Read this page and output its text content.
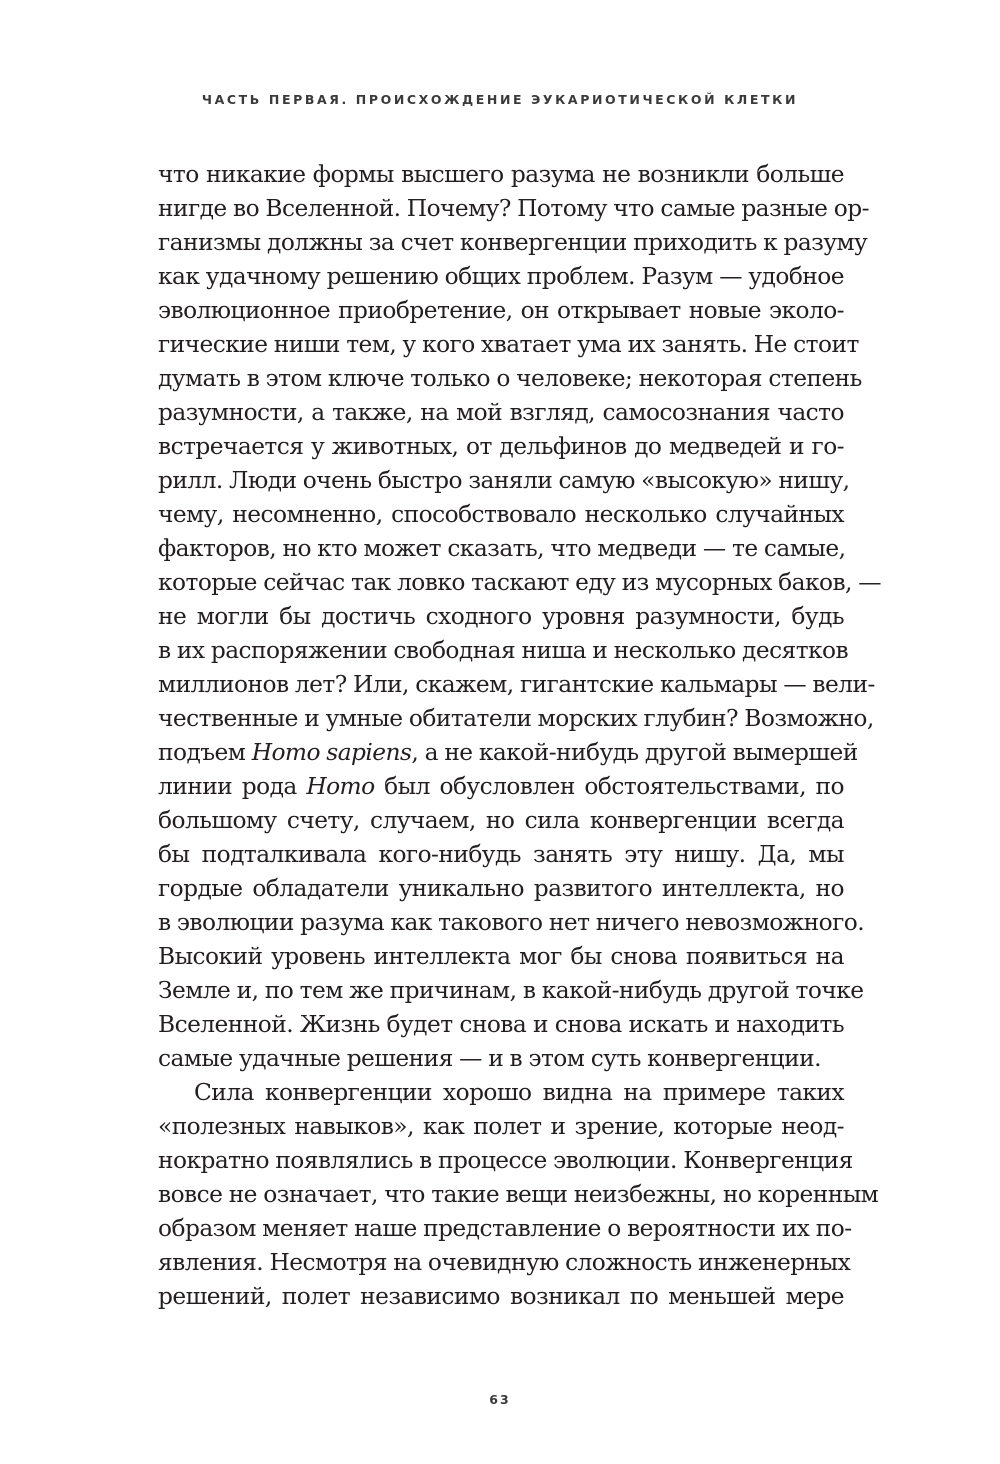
ЧАСТЬ ПЕРВАЯ. ПРОИСХОЖДЕНИЕ ЭУКАРИОТИЧЕСКОЙ КЛЕТКИ
что никакие формы высшего разума не возникли больше
нигде во Вселенной. Почему? Потому что самые разные ор-
ганизмы должны за счет конвергенции приходить к разуму
как удачному решению общих проблем. Разум — удобное
эволюционное приобретение, он открывает новые эколо-
гические ниши тем, у кого хватает ума их занять. Не стоит
думать в этом ключе только о человеке; некоторая степень
разумности, а также, на мой взгляд, самосознания часто
встречается у животных, от дельфинов до медведей и го-
рилл. Люди очень быстро заняли самую «высокую» нишу,
чему, несомненно, способствовало несколько случайных
факторов, но кто может сказать, что медведи — те самые,
которые сейчас так ловко таскают еду из мусорных баков, —
не могли бы достичь сходного уровня разумности, будь
в их распоряжении свободная ниша и несколько десятков
миллионов лет? Или, скажем, гигантские кальмары — вели-
чественные и умные обитатели морских глубин? Возможно,
подъем Homo sapiens, а не какой-нибудь другой вымершей
линии рода Homo был обусловлен обстоятельствами, по
большому счету, случаем, но сила конвергенции всегда
бы подталкивала кого-нибудь занять эту нишу. Да, мы
гордые обладатели уникально развитого интеллекта, но
в эволюции разума как такового нет ничего невозможного.
Высокий уровень интеллекта мог бы снова появиться на
Земле и, по тем же причинам, в какой-нибудь другой точке
Вселенной. Жизнь будет снова и снова искать и находить
самые удачные решения — и в этом суть конвергенции.
Сила конвергенции хорошо видна на примере таких
«полезных навыков», как полет и зрение, которые неод-
нократно появлялись в процессе эволюции. Конвергенция
вовсе не означает, что такие вещи неизбежны, но коренным
образом меняет наше представление о вероятности их по-
явления. Несмотря на очевидную сложность инженерных
решений, полет независимо возникал по меньшей мере
63
